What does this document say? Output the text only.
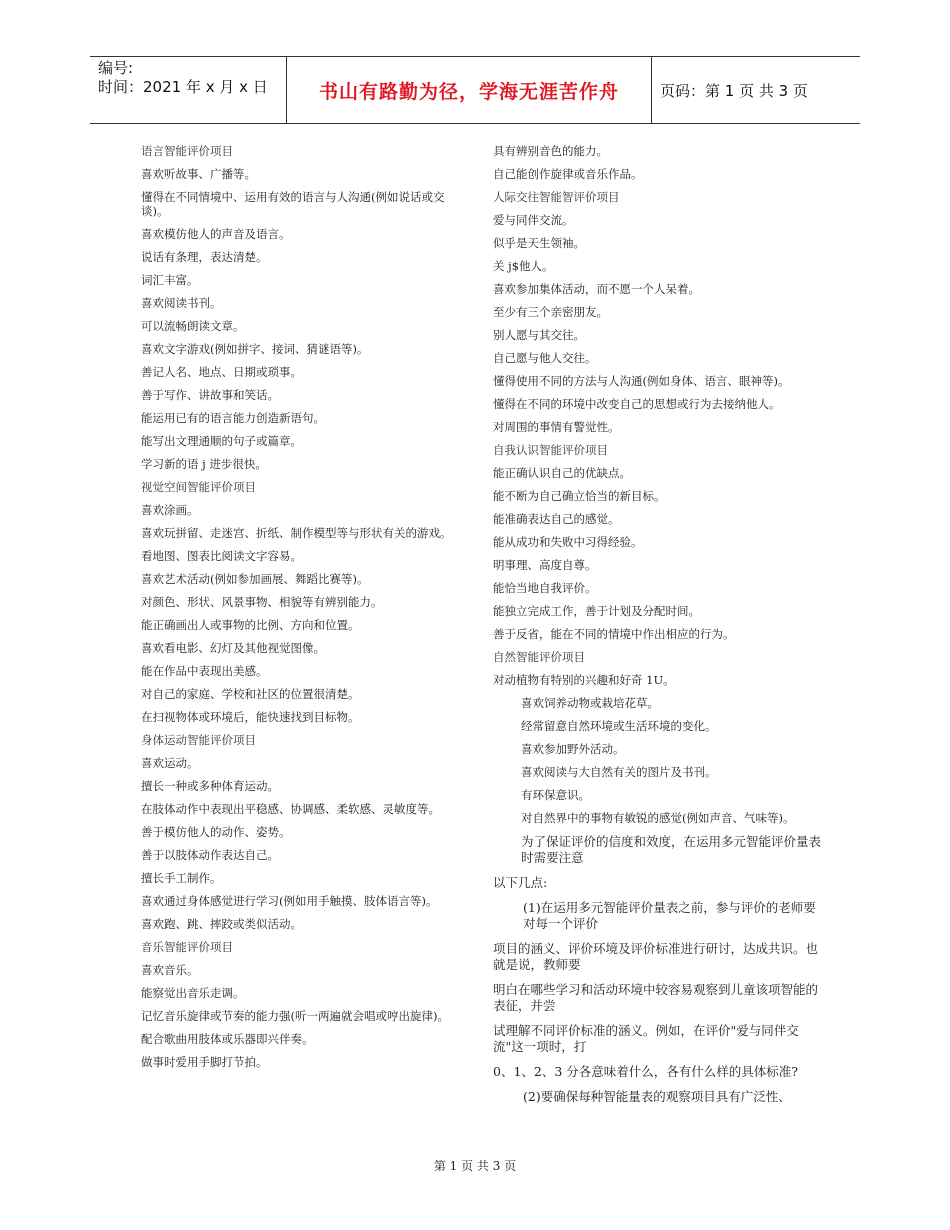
编号:
时间：2021 年 x 月 x 日	书山有路勤为径，学海无涯苦作舟	页码：第 1 页 共 3 页

语言智能评价项目

喜欢听故事、广播等。

懂得在不同情境中、运用有效的语言与人沟通(例如说话或交谈)。

喜欢模仿他人的声音及语言。

说话有条理，表达清楚。

词汇丰富。

喜欢阅读书刊。

可以流畅朗读文章。

喜欢文字游戏(例如拼字、接词、猜谜语等)。

善记人名、地点、日期或琐事。

善于写作、讲故事和笑话。

能运用已有的语言能力创造新语句。

能写出文理通顺的句子或篇章。

学习新的语 j 进步很快。

视觉空间智能评价项目

喜欢涂画。

喜欢玩拼留、走迷宫、折纸、制作模型等与形状有关的游戏。

看地图、图表比阅读文字容易。

喜欢艺术活动(例如参加画展、舞蹈比赛等)。

对颜色、形状、风景事物、相貌等有辨别能力。

能正确画出人或事物的比例、方向和位置。

喜欢看电影、幻灯及其他视觉图像。

能在作品中表现出美感。

对自己的家庭、学校和社区的位置很清楚。

在扫视物体或环境后，能快速找到目标物。

身体运动智能评价项目

喜欢运动。

擅长一种或多种体育运动。

在肢体动作中表现出平稳感、协调感、柔软感、灵敏度等。

善于模仿他人的动作、姿势。

善于以肢体动作表达自己。

擅长手工制作。

喜欢通过身体感觉进行学习(例如用手触摸、肢体语言等)。

喜欢跑、跳、摔跤或类似活动。

音乐智能评价项目

喜欢音乐。

能察觉出音乐走调。

记忆音乐旋律或节奏的能力强(听一两遍就会唱或哼出旋律)。

配合歌曲用肢体或乐器即兴伴奏。

做事时爱用手脚打节拍。

具有辨别音色的能力。

自己能创作旋律或音乐作品。

人际交往智能智评价项目

爱与同伴交流。

似乎是天生领袖。

关 j$他人。

喜欢参加集体活动，而不愿一个人呆着。

至少有三个亲密朋友。

别人愿与其交往。

自己愿与他人交往。

懂得使用不同的方法与人沟通(例如身体、语言、眼神等)。

懂得在不同的环境中改变自己的思想或行为去接纳他人。

对周围的事情有警觉性。

自我认识智能评价项目

能正确认识自己的优缺点。

能不断为自己确立恰当的新目标。

能准确表达自己的感觉。

能从成功和失败中习得经验。

明事理、高度自尊。

能恰当地自我评价。

能独立完成工作，善于计划及分配时间。

善于反省，能在不同的情境中作出相应的行为。

自然智能评价项目

对动植物有特别的兴趣和好奇 1U。

喜欢饲养动物或栽培花草。

经常留意自然环境或生活环境的变化。

喜欢参加野外活动。

喜欢阅读与大自然有关的图片及书刊。

有环保意识。

对自然界中的事物有敏锐的感觉(例如声音、气味等)。

为了保证评价的信度和效度，在运用多元智能评价量表时需要注意

以下几点:

(1)在运用多元智能评价量表之前，参与评价的老师要对每一个评价

项目的涵义、评价环境及评价标准进行研讨，达成共识。也就是说，教师要

明白在哪些学习和活动环境中较容易观察到儿童该项智能的表征，并尝

试理解不同评价标准的涵义。例如，在评价"爱与同伴交流"这一项时，打

0、1、2、3 分各意味着什么，各有什么样的具体标准?

(2)要确保每种智能量表的观察项目具有广泛性、

第 1 页 共 3 页
